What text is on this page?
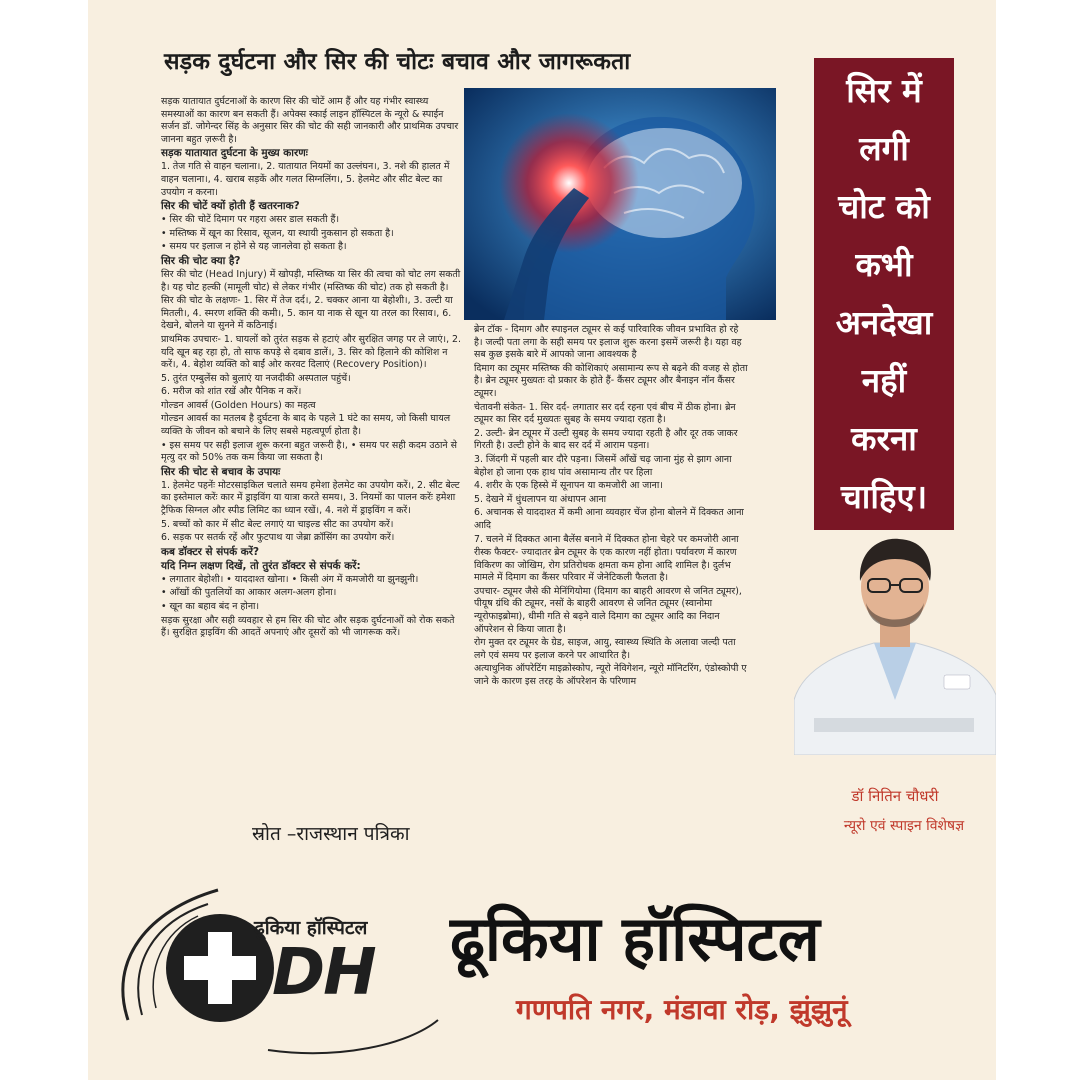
सड़क दुर्घटना और सिर की चोटः बचाव और जागरूकता

सड़क यातायात दुर्घटनाओं के कारण सिर की चोटें आम हैं और यह गंभीर स्वास्थ्य समस्याओं का कारण बन सकती हैं। अपेक्स स्काई लाइन हॉस्पिटल के न्यूरो & स्पाईन सर्जन डॉ. जोगेन्दर सिंह के अनुसार सिर की चोट की सही जानकारी और प्राथमिक उपचार जानना बहुत ज़रूरी है।

सड़क यातायात दुर्घटना के मुख्य कारणः

1. तेज गति से वाहन चलाना।, 2. यातायात नियमों का उल्लंघन।, 3. नशे की हालत में वाहन चलाना।, 4. खराब सड़कें और गलत सिग्नलिंग।, 5. हेलमेट और सीट बेल्ट का उपयोग न करना।

सिर की चोटें क्यों होती हैं खतरनाक?

• सिर की चोटें दिमाग पर गहरा असर डाल सकती हैं।

• मस्तिष्क में खून का रिसाव, सूजन, या स्थायी नुकसान हो सकता है।

• समय पर इलाज न होने से यह जानलेवा हो सकता है।

सिर की चोट क्या है?

सिर की चोट (Head Injury) में खोपड़ी, मस्तिष्क या सिर की त्वचा को चोट लग सकती है। यह चोट हल्की (मामूली चोट) से लेकर गंभीर (मस्तिष्क की चोट) तक हो सकती है।

सिर की चोट के लक्षणः- 1. सिर में तेज दर्द।, 2. चक्कर आना या बेहोशी।, 3. उल्टी या मितली।, 4. स्मरण शक्ति की कमी।, 5. कान या नाक से खून या तरल का रिसाव।, 6. देखने, बोलने या सुनने में कठिनाई।

प्राथमिक उपचारः- 1. घायलों को तुरंत सड़क से हटाएं और सुरक्षित जगह पर ले जाएं।, 2. यदि खून बह रहा हो, तो साफ कपड़े से दबाव डालें।, 3. सिर को हिलाने की कोशिश न करें।, 4. बेहोश व्यक्ति को बाईं ओर करवट दिलाएं (Recovery Position)।

5. तुरंत एम्बुलेंस को बुलाएं या नजदीकी अस्पताल पहुंचें।

6. मरीज को शांत रखें और पैनिक न करें।

गोल्डन आवर्स (Golden Hours) का महत्व

गोल्डन आवर्स का मतलब है दुर्घटना के बाद के पहले 1 घंटे का समय, जो किसी घायल व्यक्ति के जीवन को बचाने के लिए सबसे महत्वपूर्ण होता है।

• इस समय पर सही इलाज शुरू करना बहुत जरूरी है।, • समय पर सही कदम उठाने से मृत्यु दर को 50% तक कम किया जा सकता है।

सिर की चोट से बचाव के उपायः

1. हेलमेट पहनेंः मोटरसाइकिल चलाते समय हमेशा हेलमेट का उपयोग करें।, 2. सीट बेल्ट का इस्तेमाल करेंः कार में ड्राइविंग या यात्रा करते समय।, 3. नियमों का पालन करेंः हमेशा ट्रैफिक सिग्नल और स्पीड लिमिट का ध्यान रखें।, 4. नशे में ड्राइविंग न करें।

5. बच्चों को कार में सीट बेल्ट लगाएं या चाइल्ड सीट का उपयोग करें।

6. सड़क पर सतर्क रहें और फुटपाथ या जेब्रा क्रॉसिंग का उपयोग करें।

कब डॉक्टर से संपर्क करें?

यदि निम्न लक्षण दिखें, तो तुरंत डॉक्टर से संपर्क करें:

• लगातार बेहोशी। • याददाश्त खोना। • किसी अंग में कमजोरी या झुनझुनी।

• आँखों की पुतलियों का आकार अलग-अलग होना।

• खून का बहाव बंद न होना।

सड़क सुरक्षा और सही व्यवहार से हम सिर की चोट और सड़क दुर्घटनाओं को रोक सकते हैं। सुरक्षित ड्राइविंग की आदतें अपनाएं और दूसरों को भी जागरूक करें।

ब्रेन टॉक - दिमाग और स्पाइनल ट्यूमर से कई पारिवारिक जीवन प्रभावित हो रहे है। जल्दी पता लगा के सही समय पर इलाज शुरू करना इसमें जरूरी है। यहा वह सब कुछ इसके बारे में आपको जाना आवश्यक है

दिमाग का ट्यूमर मस्तिष्क की कोशिकाएं असामान्य रूप से बढ़ने की वजह से होता है। ब्रेन ट्यूमर मुख्यतः दो प्रकार के होते हैं- कैंसर ट्यूमर और बैनाइन नॉन कैंसर ट्यूमर।

चेतावनी संकेत- 1. सिर दर्द- लगातार सर दर्द रहना एवं बीच में ठीक होना। ब्रेन ट्यूमर का सिर दर्द मुख्यतः सुबह के समय ज्यादा रहता है।

2. उल्टी- ब्रेन ट्यूमर में उल्टी सुबह के समय ज्यादा रहती है और दूर तक जाकर गिरती है। उल्टी होने के बाद सर दर्द में आराम पड़ना।

3. जिंदगी में पहली बार दौरे पड़ना। जिसमें आँखें चढ़ जाना मुंह से झाग आना बेहोश हो जाना एक हाथ पांव असामान्य तौर पर हिला

4. शरीर के एक हिस्से में सूनापन या कमजोरी आ जाना।

5. देखने में धुंधलापन या अंधापन आना

6. अचानक से याददाश्त में कमी आना व्यवहार चेंज होना बोलने में दिक्कत आना आदि

7. चलने में दिक्कत आना बैलेंस बनाने में दिक्कत होना चेहरे पर कमजोरी आना

रीस्क फैक्टर- ज्यादातर ब्रेन ट्यूमर के एक कारण नहीं होता। पर्यावरण में कारण विकिरण का जोखिम, रोग प्रतिरोधक क्षमता कम होना आदि शामिल है। दुर्लभ मामले में दिमाग का कैंसर परिवार में जेनेटिकली फैलता है।

उपचार- ट्यूमर जैसे की मेनिंगियोमा (दिमाग का बाहरी आवरण से जनित ट्यूमर), पीयूष ग्रंथि की ट्यूमर, नसों के बाहरी आवरण से जनित ट्यूमर (स्वानोमा न्यूरोफाइब्रोमा), धीमी गति से बढ़ने वाले दिमाग का ट्यूमर आदि का निदान ऑपरेशन से किया जाता है।

रोग मुक्त दर ट्यूमर के ग्रेड, साइज, आयु, स्वास्थ्य स्थिति के अलावा जल्दी पता लगे एवं समय पर इलाज करने पर आधारित है।

अत्याधुनिक ऑपरेटिंग माइक्रोस्कोप, न्यूरो नेविगेशन, न्यूरो मॉनिटरिंग, एंडोस्कोपी ए जाने के कारण इस तरह के ऑपरेशन के परिणाम

सिर में
लगी
चोट को
कभी
अनदेखा
नहीं
करना
चाहिए।
डॉ नितिन चौधरी
न्यूरो एवं स्पाइन विशेषज्ञ
स्रोत –राजस्थान पत्रिका
ढूकिया हॉस्पिटल
DH ढूकिया हॉस्पिटल
गणपति नगर, मंडावा रोड़, झुंझुनूं
